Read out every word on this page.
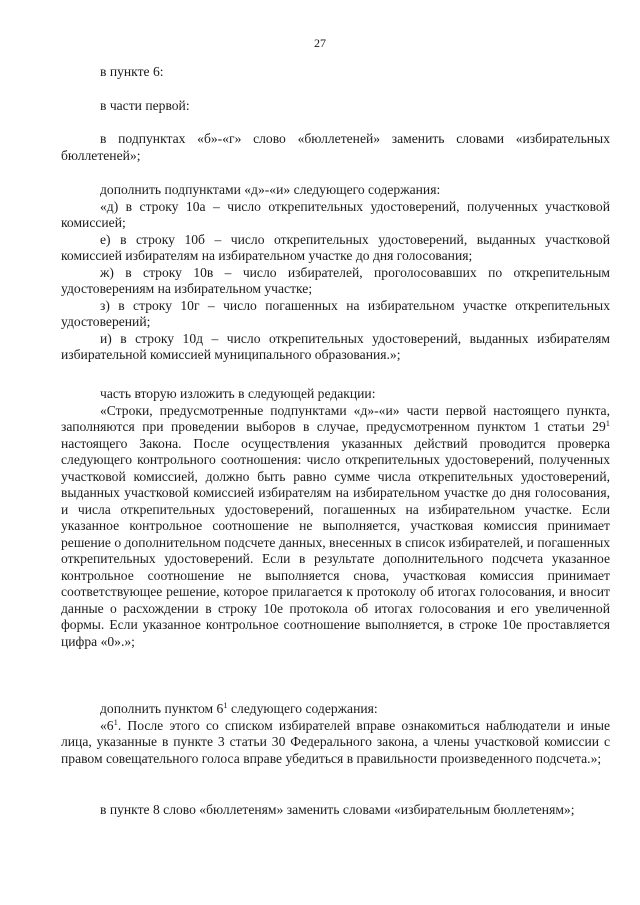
27

в пункте 6:

в части первой:

в подпунктах «б»-«г» слово «бюллетеней» заменить словами «избирательных бюллетеней»;

дополнить подпунктами «д»-«и» следующего содержания:

«д) в строку 10а – число открепительных удостоверений, полученных участковой комиссией;

е) в строку 10б – число открепительных удостоверений, выданных участковой комиссией избирателям на избирательном участке до дня голосования;

ж) в строку 10в – число избирателей, проголосовавших по открепительным удостоверениям на избирательном участке;

з) в строку 10г – число погашенных на избирательном участке открепительных удостоверений;

и) в строку 10д – число открепительных удостоверений, выданных избирателям избирательной комиссией муниципального образования.»;

часть вторую изложить в следующей редакции:

«Строки, предусмотренные подпунктами «д»-«и» части первой настоящего пункта, заполняются при проведении выборов в случае, предусмотренном пунктом 1 статьи $29^1$ настоящего Закона. После осуществления указанных действий проводится проверка следующего контрольного соотношения: число открепительных удостоверений, полученных участковой комиссией, должно быть равно сумме числа открепительных удостоверений, выданных участковой комиссией избирателям на избирательном участке до дня голосования, и числа открепительных удостоверений, погашенных на избирательном участке. Если указанное контрольное соотношение не выполняется, участковая комиссия принимает решение о дополнительном подсчете данных, внесенных в список избирателей, и погашенных открепительных удостоверений. Если в результате дополнительного подсчета указанное контрольное соотношение не выполняется снова, участковая комиссия принимает соответствующее решение, которое прилагается к протоколу об итогах голосования, и вносит данные о расхождении в строку 10е протокола об итогах голосования и его увеличенной формы. Если указанное контрольное соотношение выполняется, в строке 10е проставляется цифра «0».»;

дополнить пунктом $6^1$ следующего содержания:

«$6^1$. После этого со списком избирателей вправе ознакомиться наблюдатели и иные лица, указанные в пункте 3 статьи 30 Федерального закона, а члены участковой комиссии с правом совещательного голоса вправе убедиться в правильности произведенного подсчета.»;

в пункте 8 слово «бюллетеням» заменить словами «избирательным бюллетеням»;
